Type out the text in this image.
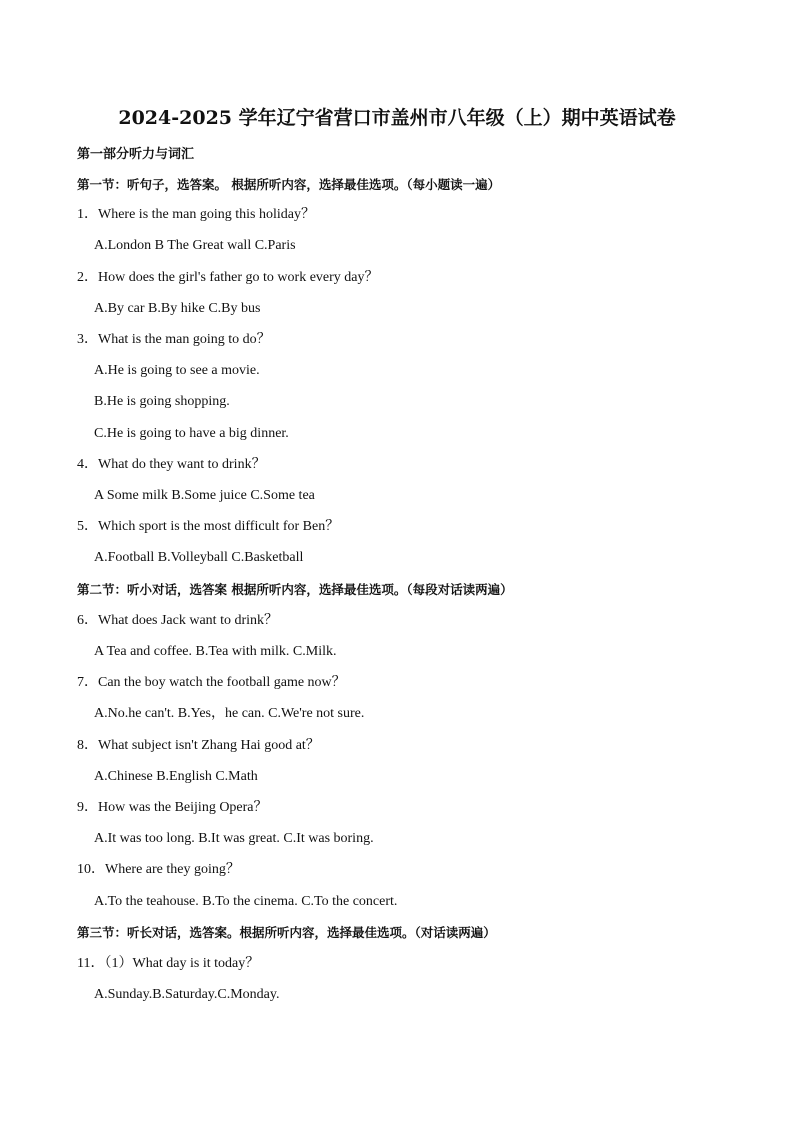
2024-2025 学年辽宁省营口市盖州市八年级（上）期中英语试卷
第一部分听力与词汇
第一节：听句子，选答案。 根据所听内容，选择最佳选项。（每小题读一遍）
1．Where is the man going this holiday？
A.London B The Great wall C.Paris
2．How does the girl's father go to work every day？
A.By car B.By hike C.By bus
3．What is the man going to do？
A.He is going to see a movie.
B.He is going shopping.
C.He is going to have a big dinner.
4．What do they want to drink？
A Some milk B.Some juice C.Some tea
5．Which sport is the most difficult for Ben？
A.Football B.Volleyball C.Basketball
第二节：听小对话，选答案 根据所听内容，选择最佳选项。（每段对话读两遍）
6．What does Jack want to drink？
A Tea and coffee. B.Tea with milk. C.Milk.
7．Can the boy watch the football game now？
A.No.he can't. B.Yes，he can. C.We're not sure.
8．What subject isn't Zhang Hai good at？
A.Chinese B.English C.Math
9．How was the Beijing Opera？
A.It was too long. B.It was great. C.It was boring.
10．Where are they going？
A.To the teahouse. B.To the cinema. C.To the concert.
第三节：听长对话，选答案。根据所听内容，选择最佳选项。（对话读两遍）
11．（1）What day is it today？
A.Sunday.B.Saturday.C.Monday.
